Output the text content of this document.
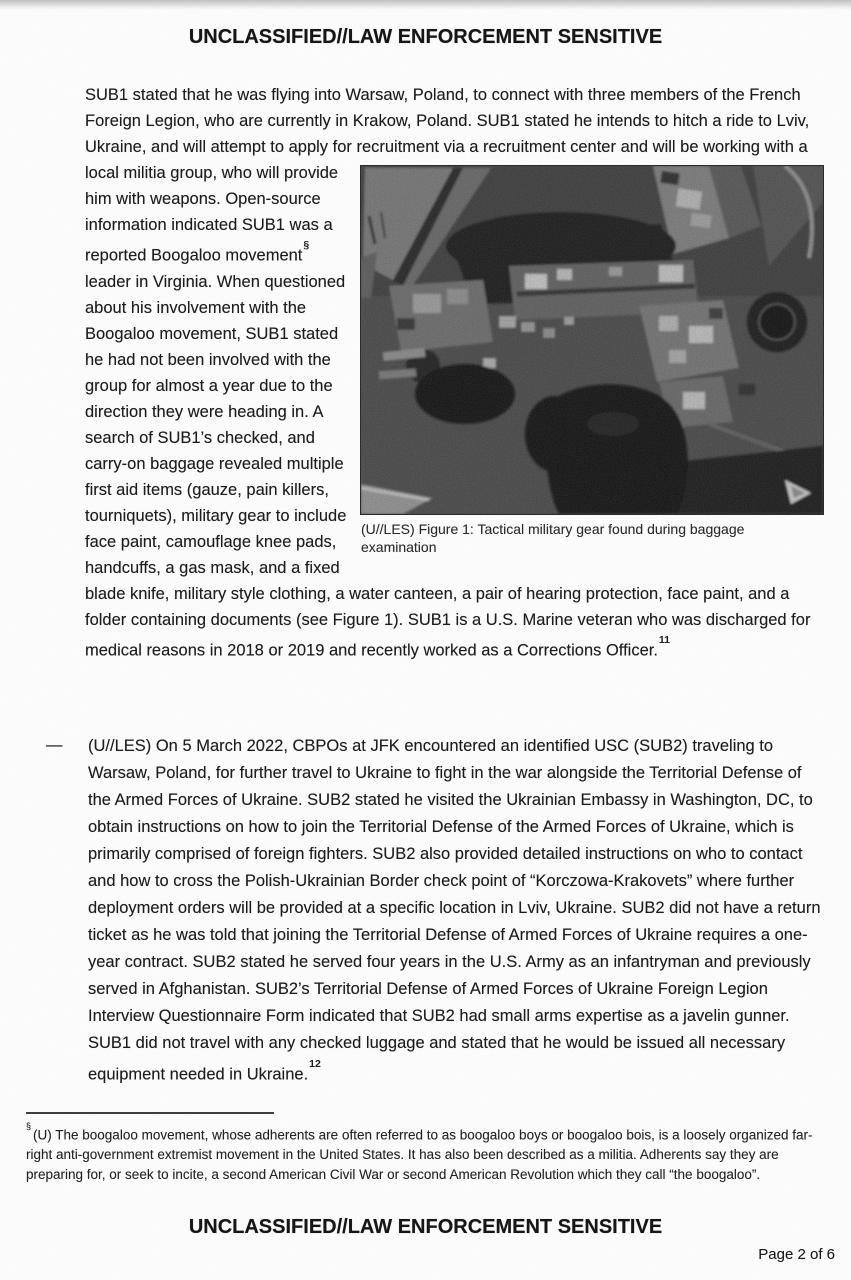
UNCLASSIFIED//LAW ENFORCEMENT SENSITIVE
SUB1 stated that he was flying into Warsaw, Poland, to connect with three members of the French Foreign Legion, who are currently in Krakow, Poland. SUB1 stated he intends to hitch a ride to Lviv, Ukraine, and will attempt to apply for recruitment via a
(U//LES) Figure 1: Tactical military gear found during baggage examination
recruitment center and will be working with a local militia group, who will provide him with weapons. Open-source information indicated SUB1 was a reported Boogaloo movement§ leader in Virginia. When questioned about his involvement with the Boogaloo movement, SUB1 stated he had not been involved with the group for almost a year due to the direction they were heading in. A search of SUB1’s checked, and carry-on baggage revealed multiple first aid items (gauze, pain killers, tourniquets), military gear to include face paint, camouflage knee pads, handcuffs, a gas mask, and a fixed blade knife, military style clothing, a water canteen, a pair of hearing protection, face paint, and a folder containing documents (see Figure 1). SUB1 is a U.S. Marine veteran who was discharged for medical reasons in 2018 or 2019 and recently worked as a Corrections Officer.$^{11}$
— (U//LES) On 5 March 2022, CBPOs at JFK encountered an identified USC (SUB2) traveling to Warsaw, Poland, for further travel to Ukraine to fight in the war alongside the Territorial Defense of the Armed Forces of Ukraine. SUB2 stated he visited the Ukrainian Embassy in Washington, DC, to obtain instructions on how to join the Territorial Defense of the Armed Forces of Ukraine, which is primarily comprised of foreign fighters. SUB2 also provided detailed instructions on who to contact and how to cross the Polish-Ukrainian Border check point of “Korczowa-Krakovets” where further deployment orders will be provided at a specific location in Lviv, Ukraine. SUB2 did not have a return ticket as he was told that joining the Territorial Defense of Armed Forces of Ukraine requires a one-year contract. SUB2 stated he served four years in the U.S. Army as an infantryman and previously served in Afghanistan. SUB2’s Territorial Defense of Armed Forces of Ukraine Foreign Legion Interview Questionnaire Form indicated that SUB2 had small arms expertise as a javelin gunner. SUB1 did not travel with any checked luggage and stated that he would be issued all necessary equipment needed in Ukraine.$^{12}$
§(U) The boogaloo movement, whose adherents are often referred to as boogaloo boys or boogaloo bois, is a loosely organized far-right anti-government extremist movement in the United States. It has also been described as a militia. Adherents say they are preparing for, or seek to incite, a second American Civil War or second American Revolution which they call “the boogaloo”.
UNCLASSIFIED//LAW ENFORCEMENT SENSITIVE
Page 2 of 6
